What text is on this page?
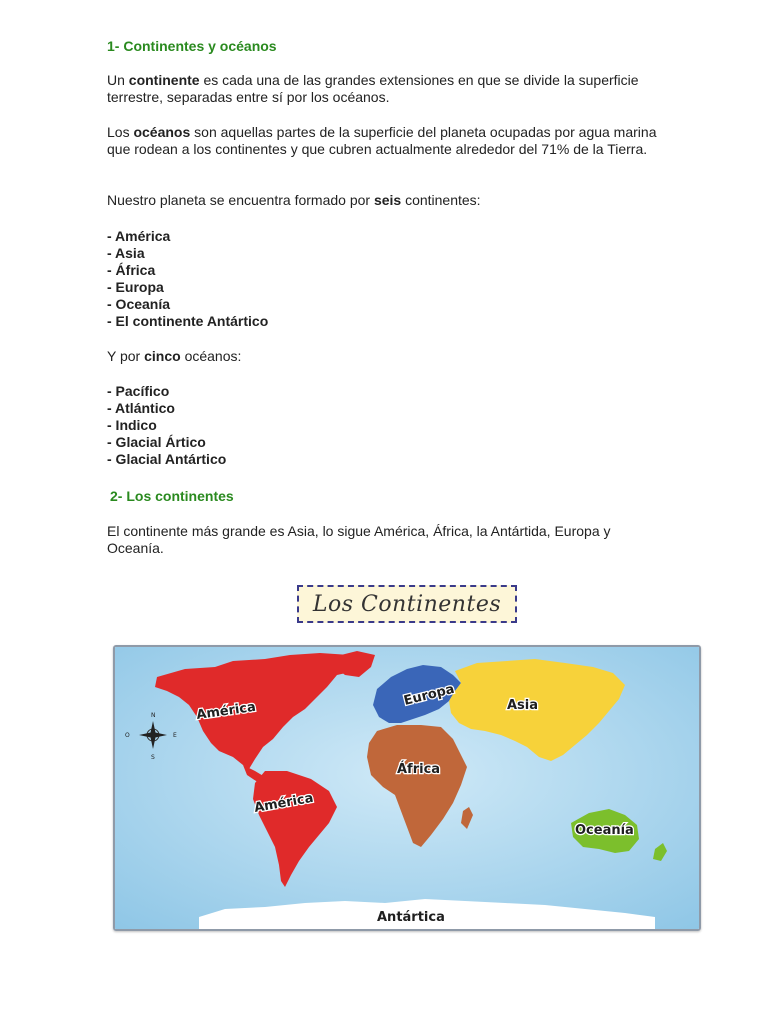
1- Continentes y océanos

Un continente es cada una de las grandes extensiones en que se divide la superficie terrestre, separadas entre sí por los océanos.

Los océanos son aquellas partes de la superficie del planeta ocupadas por agua marina que rodean a los continentes y que cubren actualmente alrededor del 71% de la Tierra.

Nuestro planeta se encuentra formado por seis continentes:

- América
- Asia
- África
- Europa
- Oceanía
- El continente Antártico

Y por cinco océanos:

- Pacífico
- Atlántico
- Indico
- Glacial Ártico
- Glacial Antártico
2- Los continentes

El continente más grande es Asia, lo sigue América, África, la Antártida, Europa y Oceanía.

Los Continentes
N
S
E
O
América
América
Europa	Asia
África
Oceanía
Antártica
